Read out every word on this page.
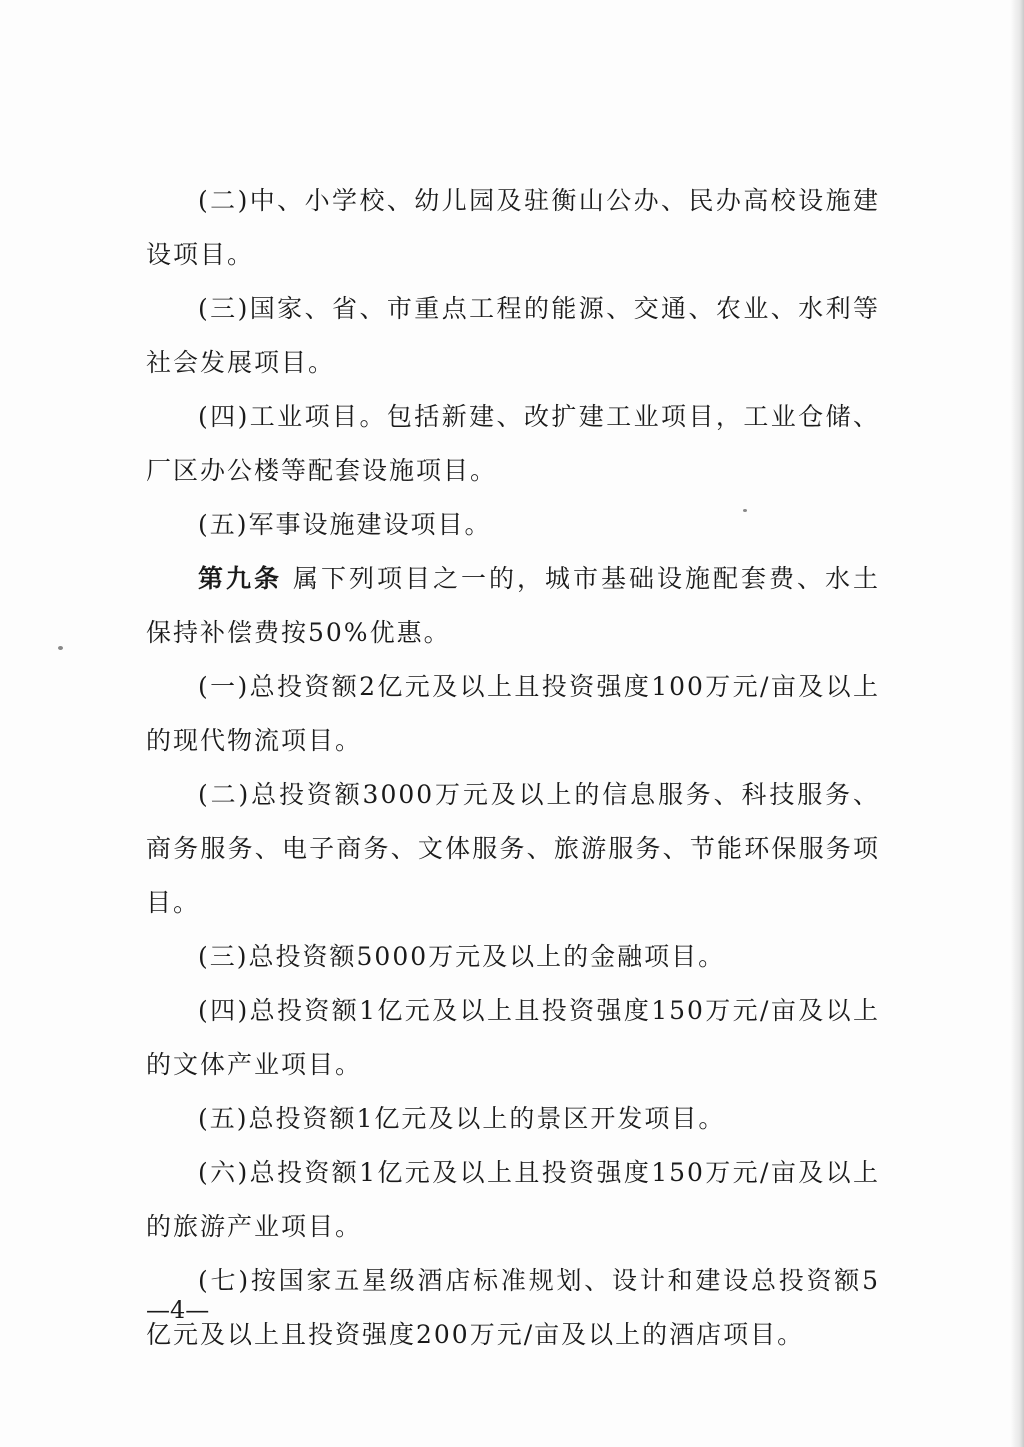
(二)中、小学校、幼儿园及驻衡山公办、民办高校设施建设项目。

(三)国家、省、市重点工程的能源、交通、农业、水利等社会发展项目。

(四)工业项目。包括新建、改扩建工业项目，工业仓储、厂区办公楼等配套设施项目。

(五)军事设施建设项目。

第九条 属下列项目之一的，城市基础设施配套费、水土保持补偿费按50%优惠。

(一)总投资额2亿元及以上且投资强度100万元/亩及以上的现代物流项目。

(二)总投资额3000万元及以上的信息服务、科技服务、商务服务、电子商务、文体服务、旅游服务、节能环保服务项目。

(三)总投资额5000万元及以上的金融项目。

(四)总投资额1亿元及以上且投资强度150万元/亩及以上的文体产业项目。

(五)总投资额1亿元及以上的景区开发项目。

(六)总投资额1亿元及以上且投资强度150万元/亩及以上的旅游产业项目。

(七)按国家五星级酒店标准规划、设计和建设总投资额5亿元及以上且投资强度200万元/亩及以上的酒店项目。

—4—
